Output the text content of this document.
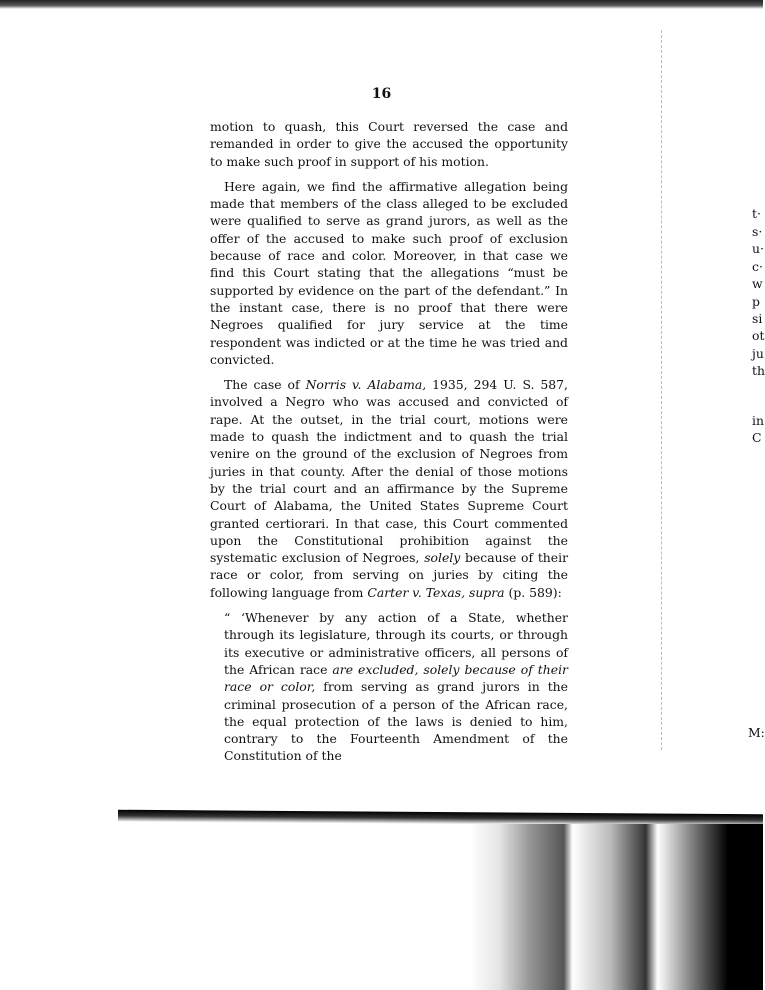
16

motion to quash, this Court reversed the case and remanded in order to give the accused the opportunity to make such proof in support of his motion.

Here again, we find the affirmative allegation being made that members of the class alleged to be excluded were qualified to serve as grand jurors, as well as the offer of the accused to make such proof of exclusion because of race and color. Moreover, in that case we find this Court stating that the allegations “must be supported by evidence on the part of the defendant.” In the instant case, there is no proof that there were Negroes qualified for jury service at the time respondent was indicted or at the time he was tried and convicted.

The case of Norris v. Alabama, 1935, 294 U. S. 587, involved a Negro who was accused and convicted of rape. At the outset, in the trial court, motions were made to quash the indictment and to quash the trial venire on the ground of the exclusion of Negroes from juries in that county. After the denial of those motions by the trial court and an affirmance by the Supreme Court of Alabama, the United States Supreme Court granted certiorari. In that case, this Court commented upon the Constitutional prohibition against the systematic exclusion of Negroes, solely because of their race or color, from serving on juries by citing the following language from Carter v. Texas, supra (p. 589):

“ ‘Whenever by any action of a State, whether through its legislature, through its courts, or through its executive or administrative officers, all persons of the African race are excluded, solely because of their race or color, from serving as grand jurors in the criminal prosecution of a person of the African race, the equal protection of the laws is denied to him, contrary to the Fourteenth Amendment of the Constitution of the

t·
s·
u·
c·
w
p
si
ot
ju
th
in
C
M:
